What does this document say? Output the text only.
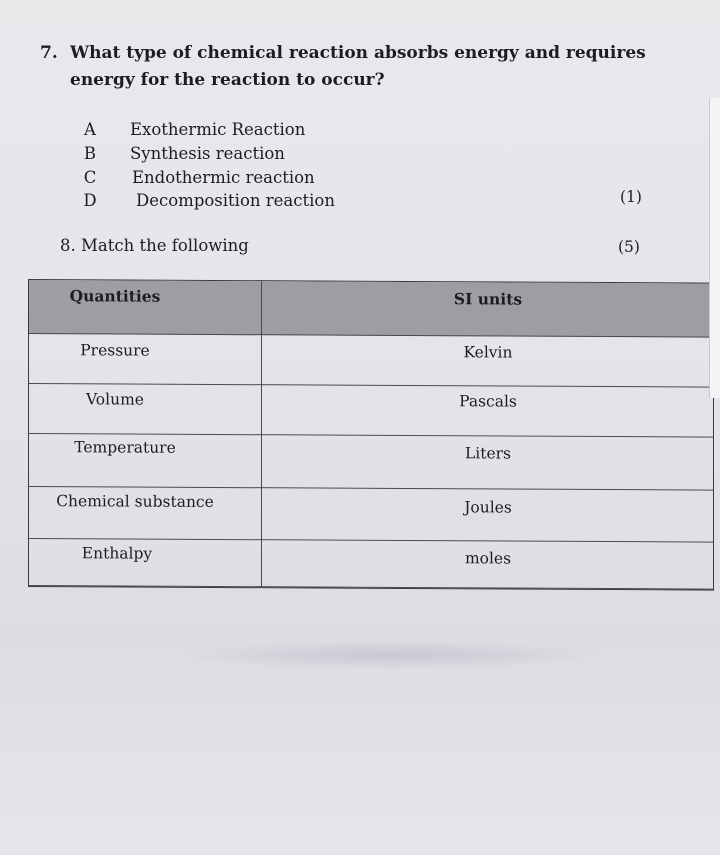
7. What type of chemical reaction absorbs energy and requires energy for the reaction to occur?
A Exothermic Reaction
B Synthesis reaction
C Endothermic reaction
D Decomposition reaction	(1)
8. Match the following	(5)
Quantities	SI units
Pressure	Kelvin
Volume	Pascals
Temperature	Liters
Chemical substance	Joules
Enthalpy	moles
